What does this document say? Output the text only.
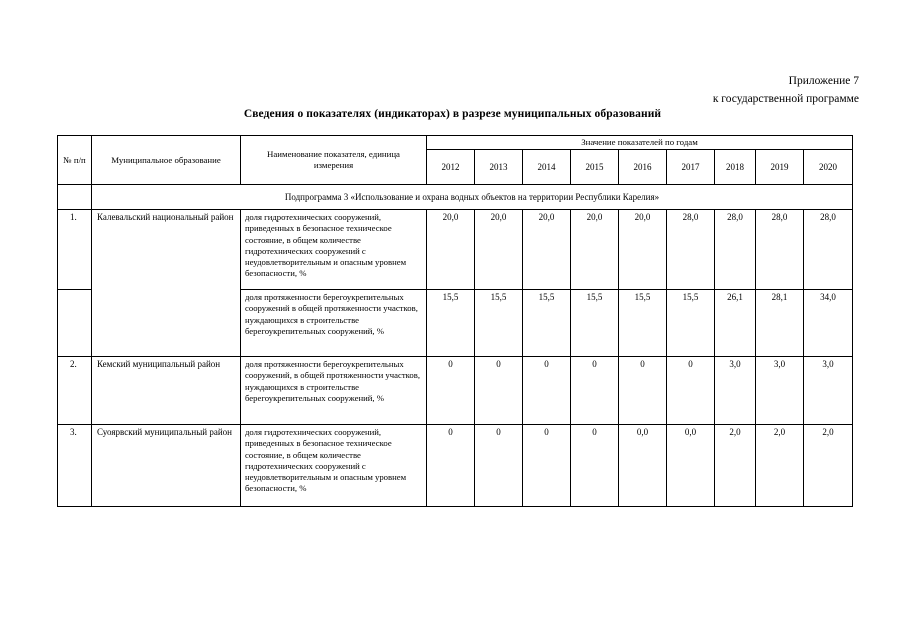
Приложение 7
к государственной программе
Сведения о показателях (индикаторах) в разрезе муниципальных образований
№ п/п	Муниципальное образование	Наименование показателя, единица измерения	Значение показателей по годам								
			2012	2013	2014	2015	2016	2017	2018	2019	2020
	Подпрограмма 3 «Использование и охрана водных объектов на территории Республики Карелия»										
1.	Калевальский национальный район	доля гидротехнических сооружений, приведенных в безопасное техническое состояние, в общем количестве гидротехнических сооружений с неудовлетворительным и опасным уровнем безопасности, %	20,0	20,0	20,0	20,0	20,0	28,0	28,0	28,0	28,0
		доля протяженности берегоукрепительных сооружений в общей протяженности участков, нуждающихся в строительстве берегоукрепительных сооружений, %	15,5	15,5	15,5	15,5	15,5	15,5	26,1	28,1	34,0
2.	Кемский муниципальный район	доля протяженности берегоукрепительных сооружений, в общей протяженности участков, нуждающихся в строительстве берегоукрепительных сооружений, %	0	0	0	0	0	0	3,0	3,0	3,0
3.	Суоярвский муниципальный район	доля гидротехнических сооружений, приведенных в безопасное техническое состояние, в общем количестве гидротехнических сооружений с неудовлетворительным и опасным уровнем безопасности, %	0	0	0	0	0,0	0,0	2,0	2,0	2,0
